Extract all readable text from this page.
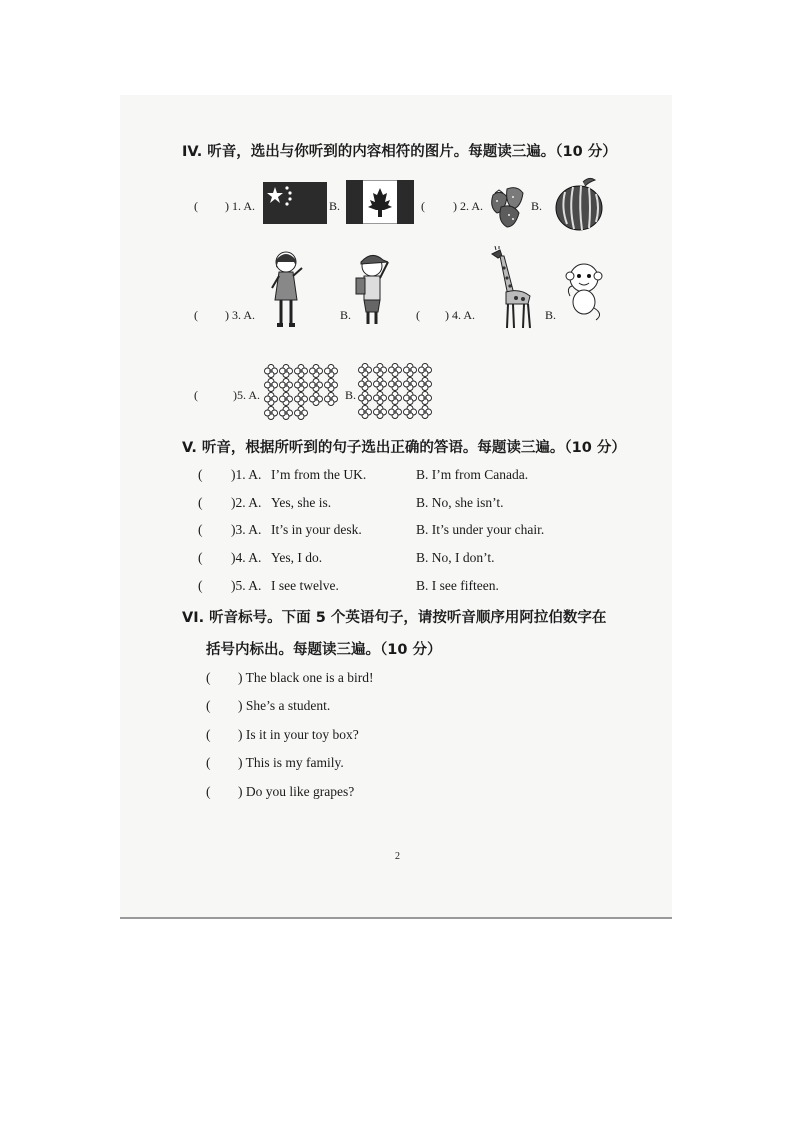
IV. 听音，选出与你听到的内容相符的图片。每题读三遍。（10 分）
( ) 1. A.	B.	( ) 2. A.	B.
( ) 3. A.	B.	( ) 4. A.	B.
(	)5. A.	B.
V. 听音，根据所听到的句子选出正确的答语。每题读三遍。（10 分）
( )1. A. I’m from the UK.	B. I’m from Canada.
( )2. A. Yes, she is.	B. No, she isn’t.
( )3. A. It’s in your desk.	B. It’s under your chair.
( )4. A. Yes, I do.	B. No, I don’t.
( )5. A. I see twelve.	B. I see fifteen.
VI. 听音标号。下面 5 个英语句子，请按听音顺序用阿拉伯数字在
括号内标出。每题读三遍。（10 分）
( ) The black one is a bird!
( ) She’s a student.
( ) Is it in your toy box?
( ) This is my family.
( ) Do you like grapes?
2
